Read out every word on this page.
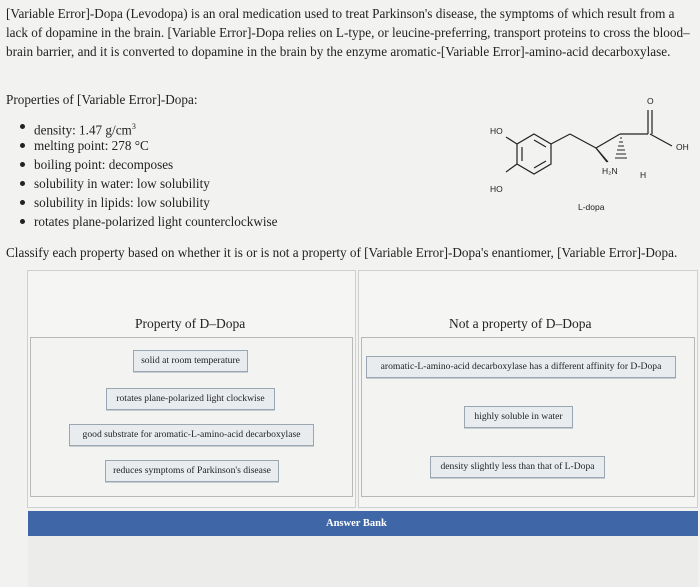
[Variable Error]-Dopa (Levodopa) is an oral medication used to treat Parkinson's disease, the symptoms of which result from a lack of dopamine in the brain. [Variable Error]-Dopa relies on L-type, or leucine-preferring, transport proteins to cross the blood–brain barrier, and it is converted to dopamine in the brain by the enzyme aromatic-[Variable Error]-amino-acid decarboxylase.
Properties of [Variable Error]-Dopa:
density: 1.47 $g/cm^3$
melting point: 278 °C
boiling point: decomposes
solubility in water: low solubility
solubility in lipids: low solubility
rotates plane-polarized light counterclockwise
HO
HO
OH
O
H₂N	H
L-dopa
Classify each property based on whether it is or is not a property of [Variable Error]-Dopa's enantiomer, [Variable Error]-Dopa.
Property of D–Dopa
solid at room temperature
rotates plane-polarized light clockwise
good substrate for aromatic-L-amino-acid decarboxylase
reduces symptoms of Parkinson's disease
Not a property of D–Dopa
aromatic-L-amino-acid decarboxylase has a different affinity for D-Dopa
highly soluble in water
density slightly less than that of L-Dopa
Answer Bank
